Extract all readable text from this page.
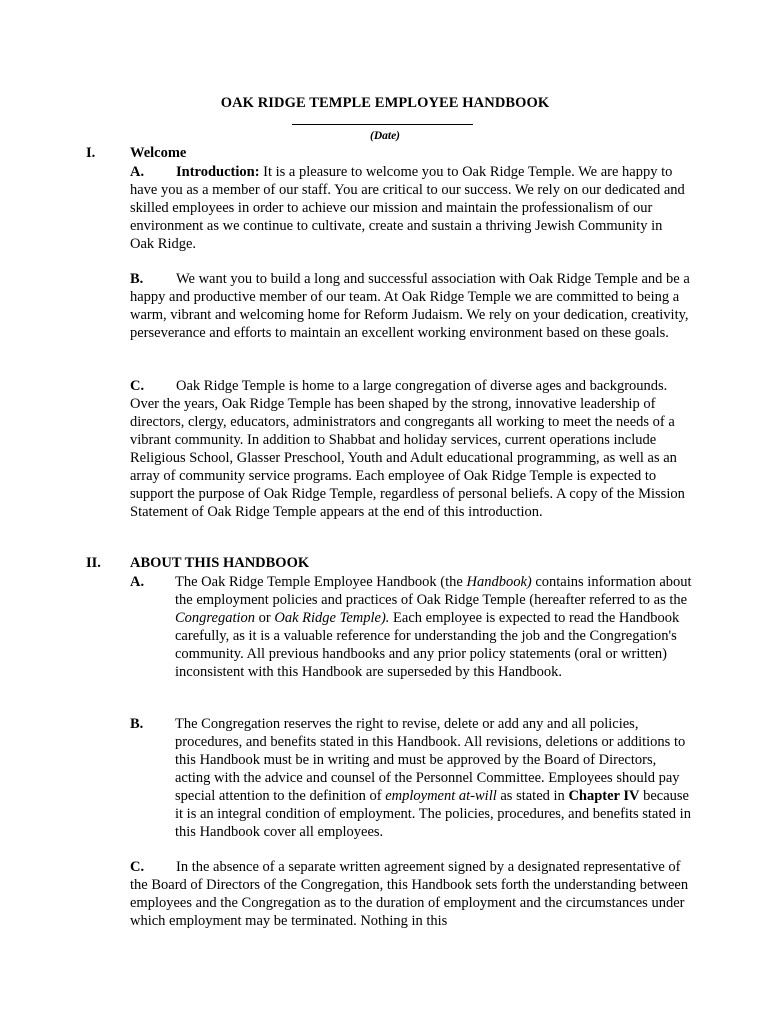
OAK RIDGE TEMPLE EMPLOYEE HANDBOOK
(Date)
I. Welcome

A. Introduction: It is a pleasure to welcome you to Oak Ridge Temple. We are happy to have you as a member of our staff. You are critical to our success. We rely on our dedicated and skilled employees in order to achieve our mission and maintain the professionalism of our environment as we continue to cultivate, create and sustain a thriving Jewish Community in Oak Ridge.

B. We want you to build a long and successful association with Oak Ridge Temple and be a happy and productive member of our team. At Oak Ridge Temple we are committed to being a warm, vibrant and welcoming home for Reform Judaism. We rely on your dedication, creativity, perseverance and efforts to maintain an excellent working environment based on these goals.

C. Oak Ridge Temple is home to a large congregation of diverse ages and backgrounds. Over the years, Oak Ridge Temple has been shaped by the strong, innovative leadership of directors, clergy, educators, administrators and congregants all working to meet the needs of a vibrant community. In addition to Shabbat and holiday services, current operations include Religious School, Glasser Preschool, Youth and Adult educational programming, as well as an array of community service programs. Each employee of Oak Ridge Temple is expected to support the purpose of Oak Ridge Temple, regardless of personal beliefs. A copy of the Mission Statement of Oak Ridge Temple appears at the end of this introduction.

II. ABOUT THIS HANDBOOK

A. The Oak Ridge Temple Employee Handbook (the Handbook) contains information about the employment policies and practices of Oak Ridge Temple (hereafter referred to as the Congregation or Oak Ridge Temple). Each employee is expected to read the Handbook carefully, as it is a valuable reference for understanding the job and the Congregation's community. All previous handbooks and any prior policy statements (oral or written) inconsistent with this Handbook are superseded by this Handbook.

B. The Congregation reserves the right to revise, delete or add any and all policies, procedures, and benefits stated in this Handbook. All revisions, deletions or additions to this Handbook must be in writing and must be approved by the Board of Directors, acting with the advice and counsel of the Personnel Committee. Employees should pay special attention to the definition of employment at-will as stated in Chapter IV because it is an integral condition of employment. The policies, procedures, and benefits stated in this Handbook cover all employees.

C. In the absence of a separate written agreement signed by a designated representative of the Board of Directors of the Congregation, this Handbook sets forth the understanding between employees and the Congregation as to the duration of employment and the circumstances under which employment may be terminated. Nothing in this
